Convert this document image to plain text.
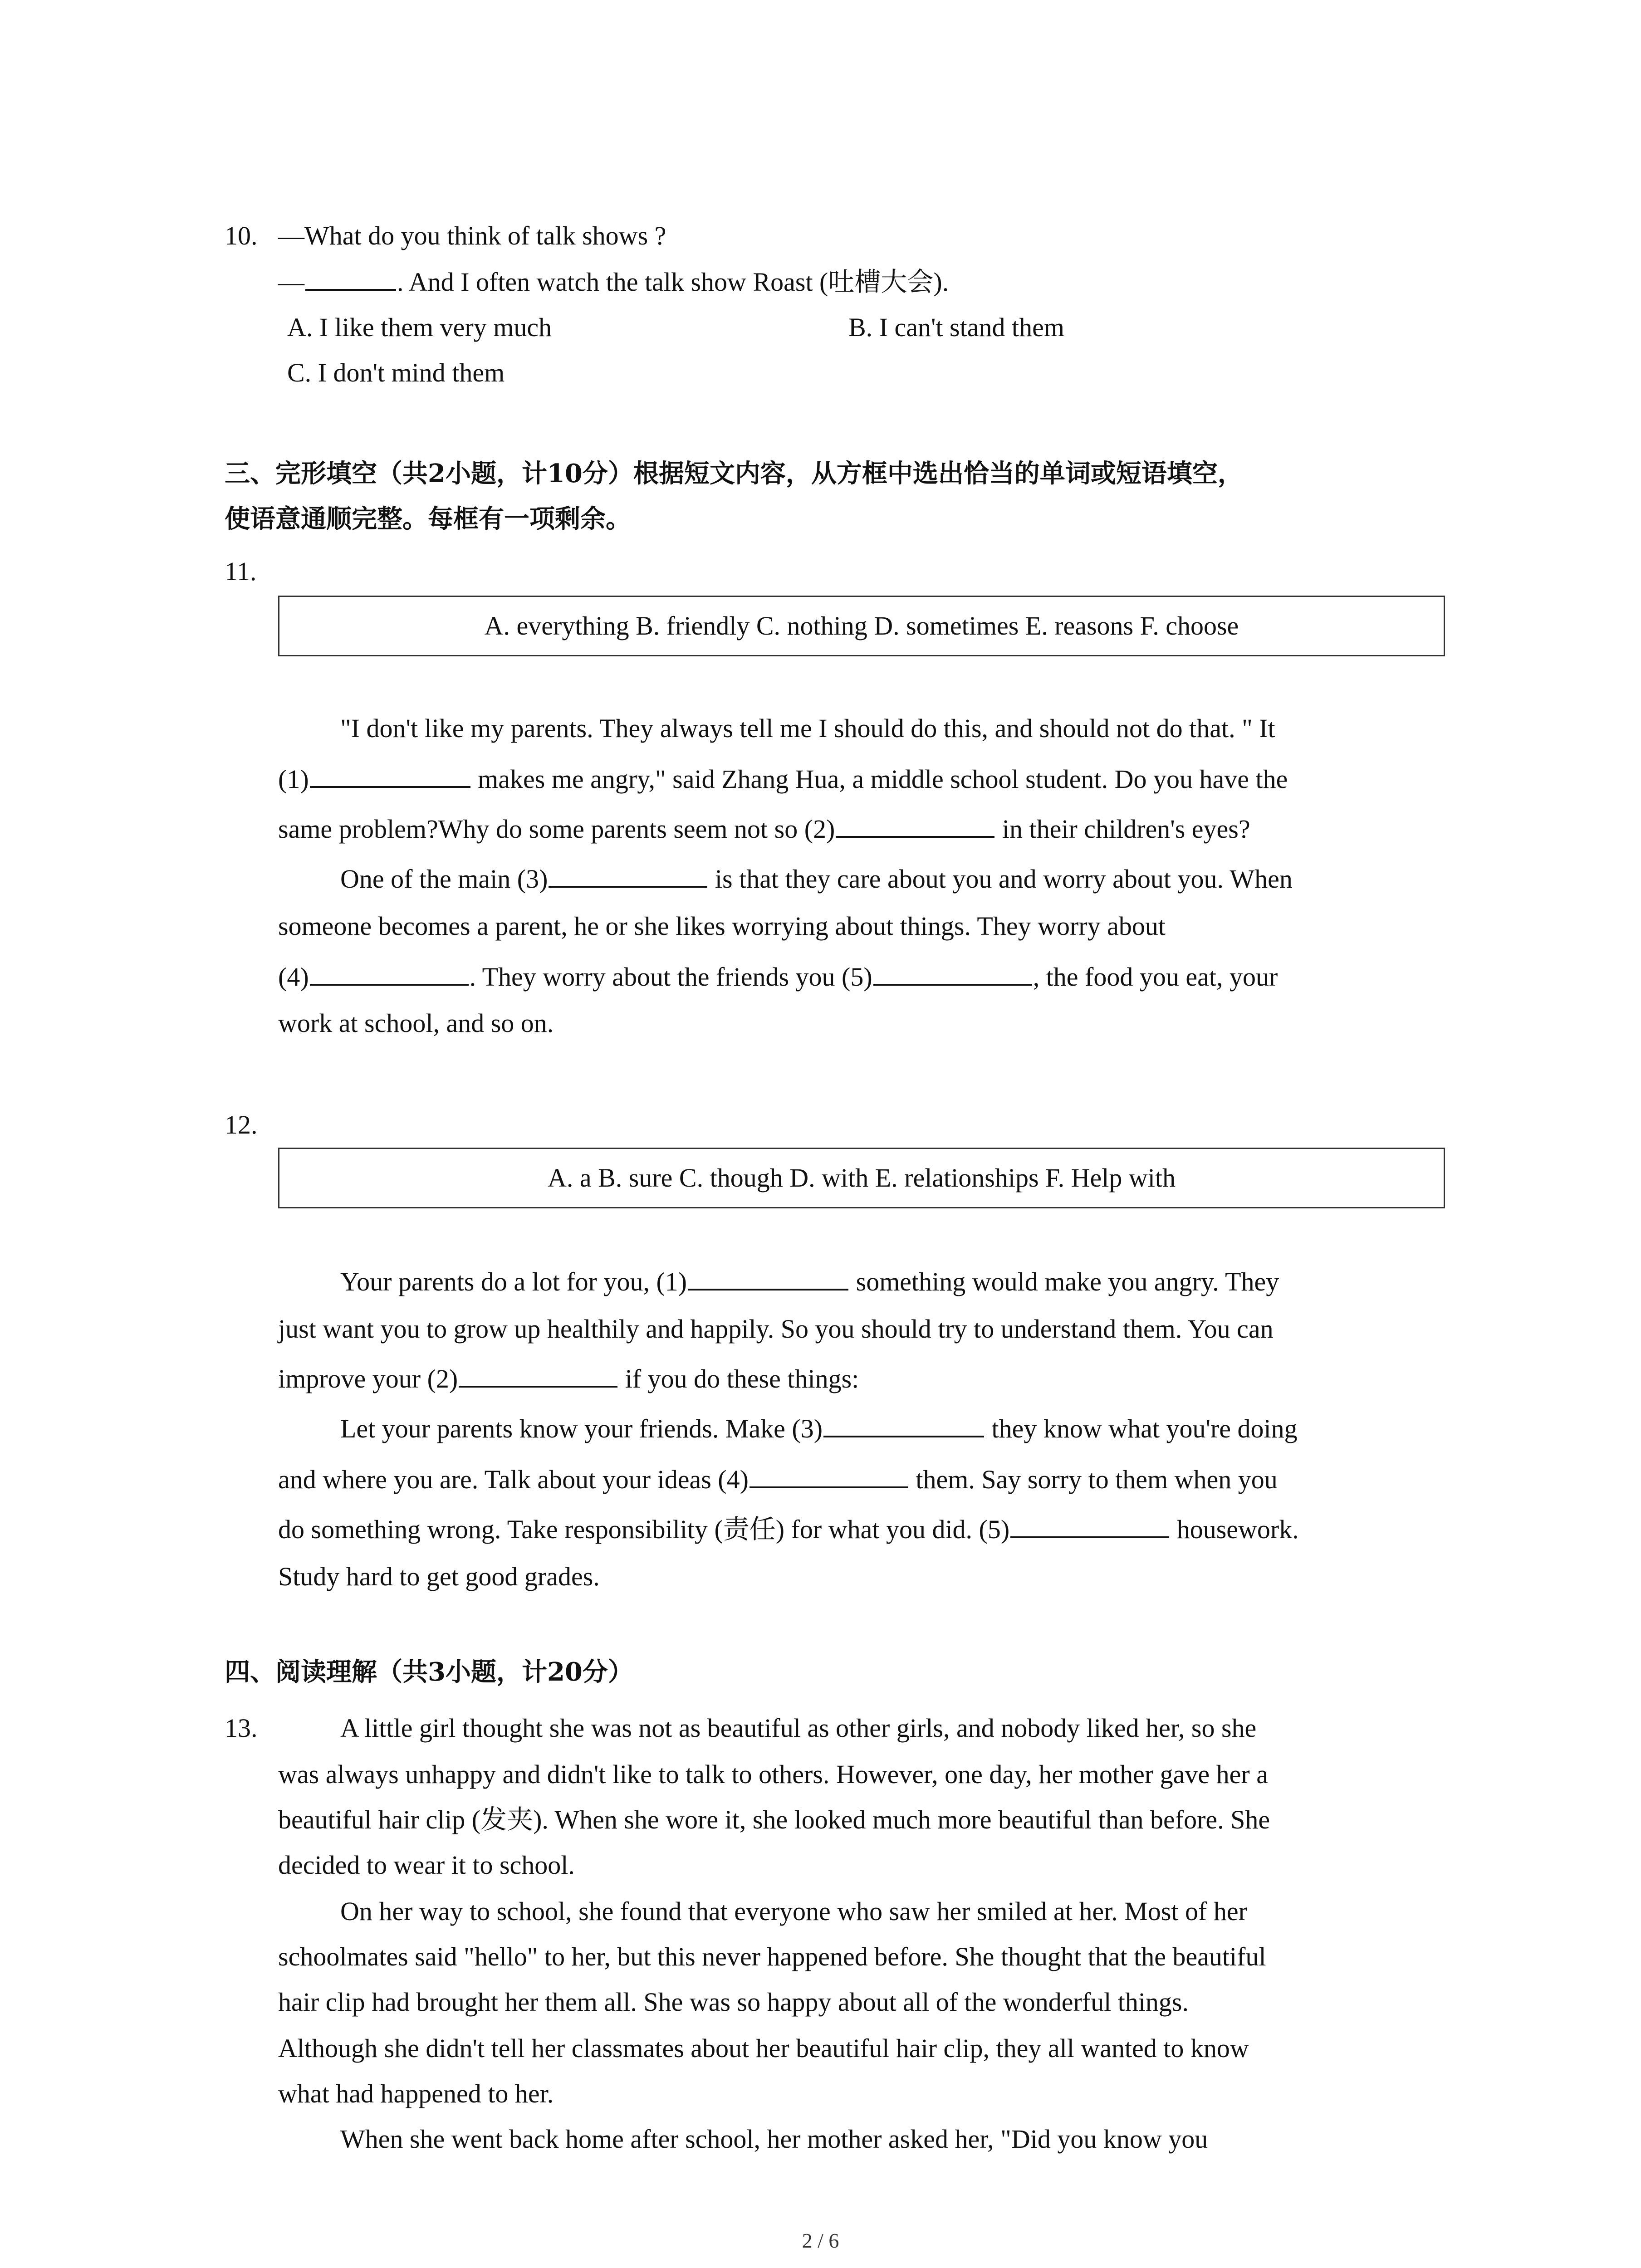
10. —What do you think of talk shows ?
—	. And I often watch the talk show Roast (吐槽大会).
A. I like them very much	B. I can't stand them
C. I don't mind them
三、完形填空（共2小题，计10分）根据短文内容，从方框中选出恰当的单词或短语填空，
使语意通顺完整。每框有一项剩余。
11.
A. everything B. friendly C. nothing D. sometimes E. reasons F. choose
"I don't like my parents. They always tell me I should do this, and should not do that. " It
(1)	makes me angry," said Zhang Hua, a middle school student. Do you have the
same problem?Why do some parents seem not so (2)	in their children's eyes?
One of the main (3)	is that they care about you and worry about you. When
someone becomes a parent, he or she likes worrying about things. They worry about
(4)	. They worry about the friends you (5)	, the food you eat, your
work at school, and so on.
12.
A. a B. sure C. though D. with E. relationships F. Help with
Your parents do a lot for you, (1)	something would make you angry. They
just want you to grow up healthily and happily. So you should try to understand them. You can
improve your (2)	if you do these things:
Let your parents know your friends. Make (3)	they know what you're doing
and where you are. Talk about your ideas (4)	them. Say sorry to them when you
do something wrong. Take responsibility (责任) for what you did. (5)	housework.
Study hard to get good grades.
四、阅读理解（共3小题，计20分）
13.	A little girl thought she was not as beautiful as other girls, and nobody liked her, so she
was always unhappy and didn't like to talk to others. However, one day, her mother gave her a
beautiful hair clip (发夹). When she wore it, she looked much more beautiful than before. She
decided to wear it to school.
On her way to school, she found that everyone who saw her smiled at her. Most of her
schoolmates said "hello" to her, but this never happened before. She thought that the beautiful
hair clip had brought her them all. She was so happy about all of the wonderful things.
Although she didn't tell her classmates about her beautiful hair clip, they all wanted to know
what had happened to her.
When she went back home after school, her mother asked her, "Did you know you
2 / 6
